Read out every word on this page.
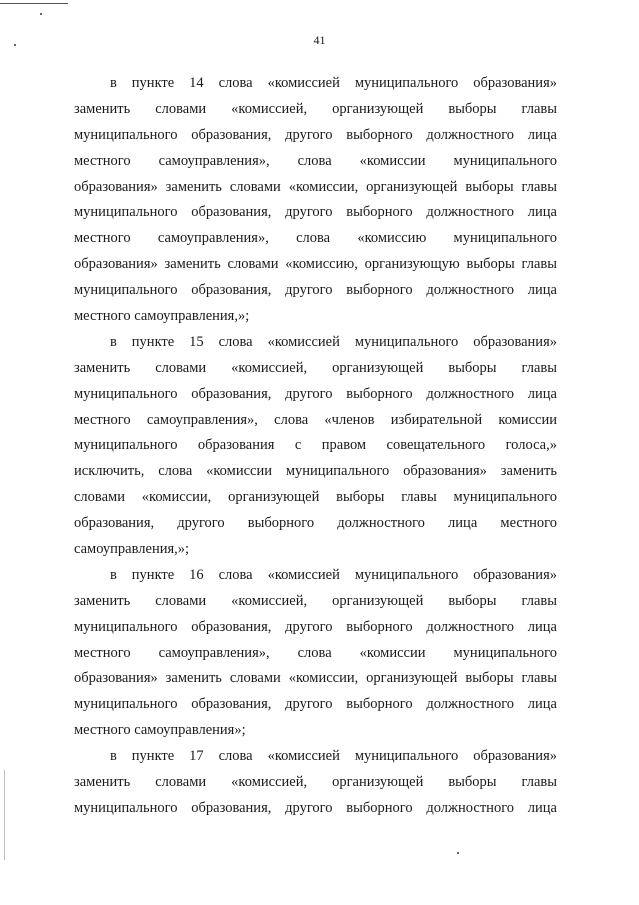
41

в пункте 14 слова «комиссией муниципального образования»
заменить словами «комиссией, организующей выборы главы
муниципального образования, другого выборного должностного лица
местного самоуправления», слова «комиссии муниципального
образования» заменить словами «комиссии, организующей выборы главы
муниципального образования, другого выборного должностного лица
местного самоуправления», слова «комиссию муниципального
образования» заменить словами «комиссию, организующую выборы главы
муниципального образования, другого выборного должностного лица
местного самоуправления,»;

в пункте 15 слова «комиссией муниципального образования»
заменить словами «комиссией, организующей выборы главы
муниципального образования, другого выборного должностного лица
местного самоуправления», слова «членов избирательной комиссии
муниципального образования с правом совещательного голоса,»
исключить, слова «комиссии муниципального образования» заменить
словами «комиссии, организующей выборы главы муниципального
образования, другого выборного должностного лица местного
самоуправления,»;

в пункте 16 слова «комиссией муниципального образования»
заменить словами «комиссией, организующей выборы главы
муниципального образования, другого выборного должностного лица
местного самоуправления», слова «комиссии муниципального
образования» заменить словами «комиссии, организующей выборы главы
муниципального образования, другого выборного должностного лица
местного самоуправления»;

в пункте 17 слова «комиссией муниципального образования»
заменить словами «комиссией, организующей выборы главы
муниципального образования, другого выборного должностного лица
